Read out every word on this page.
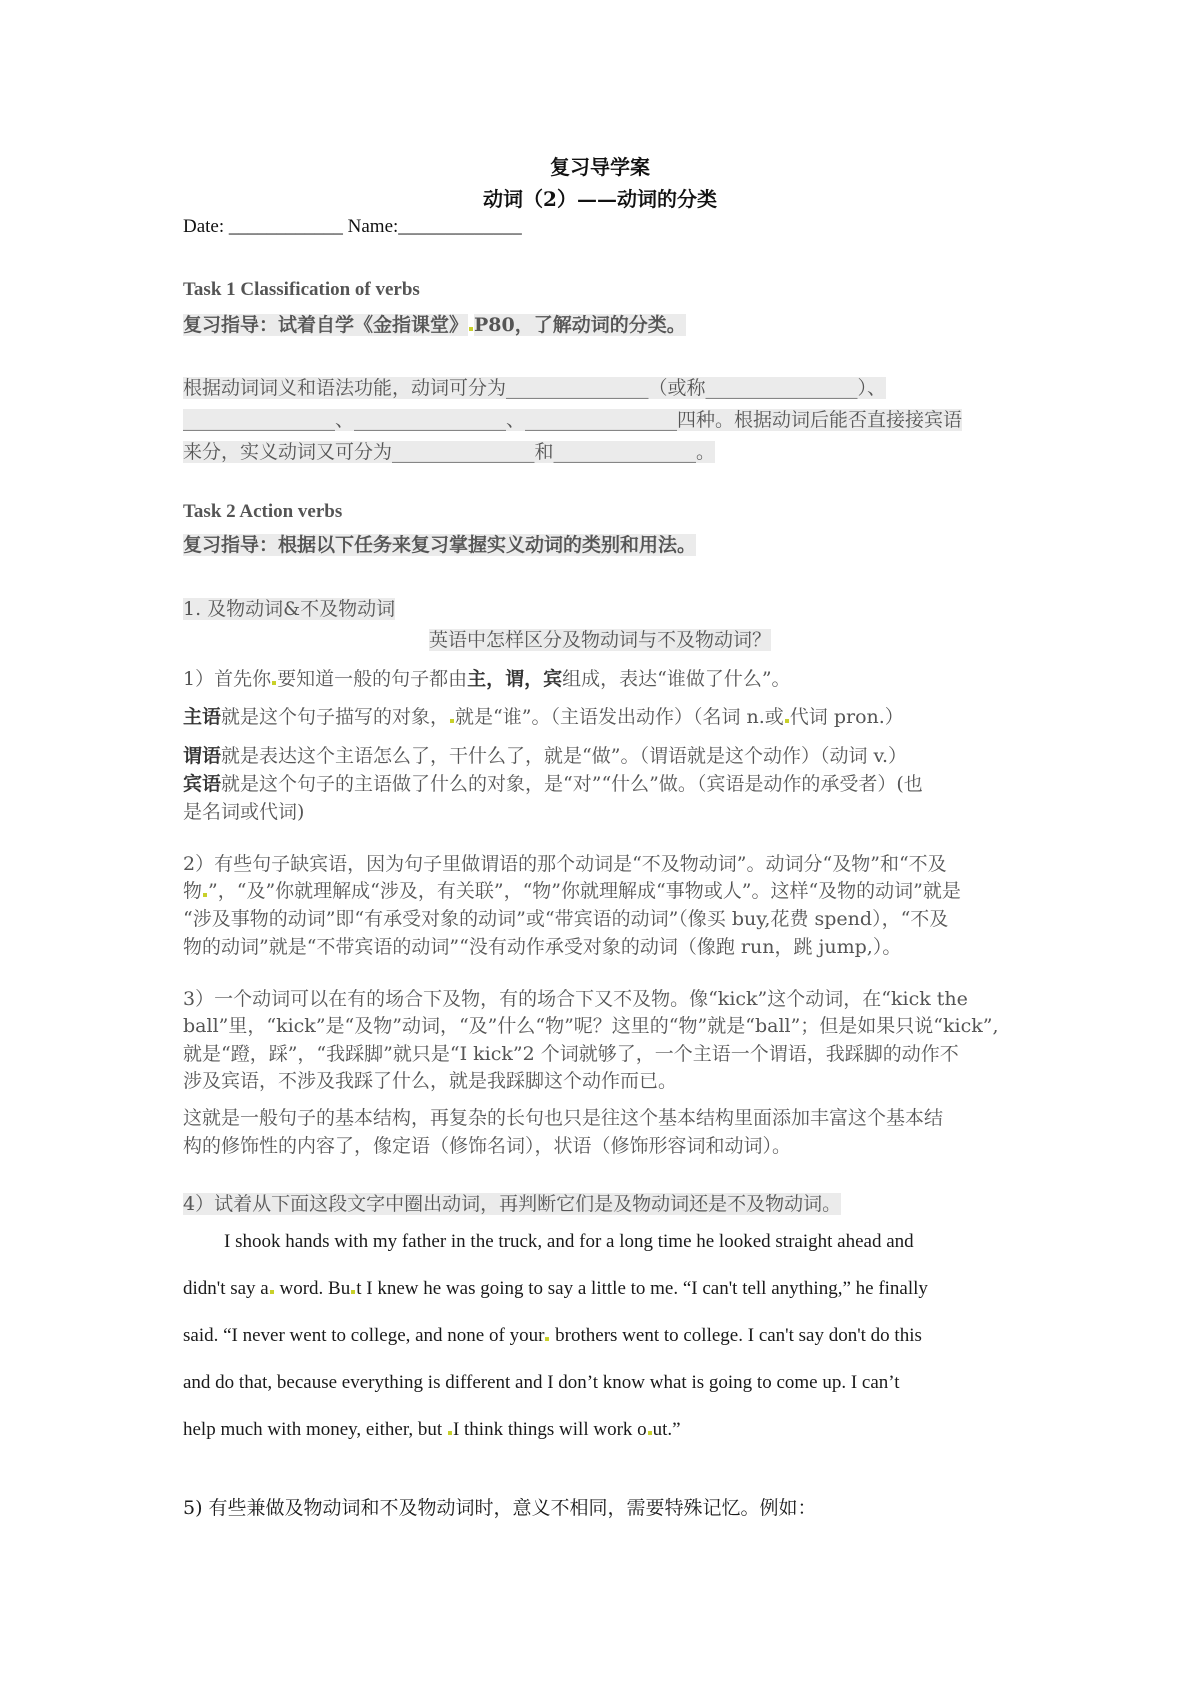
复习导学案
动词（2）——动词的分类
Date: ____________ Name:_____________
Task 1 Classification of verbs
复习指导：试着自学《金指课堂》 P80，了解动词的分类。
根据动词词义和语法功能，动词可分为_______________（或称________________）、
________________、________________、________________四种。根据动词后能否直接接宾语
来分，实义动词又可分为_______________和_______________。
Task 2 Action verbs
复习指导：根据以下任务来复习掌握实义动词的类别和用法。
1. 及物动词&不及物动词
英语中怎样区分及物动词与不及物动词？
1）首先你 要知道一般的句子都由主，谓，宾组成，表达“谁做了什么”。
主语就是这个句子描写的对象， 就是“谁”。（主语发出动作）（名词 n.或 代词 pron.）
谓语就是表达这个主语怎么了，干什么了，就是“做”。（谓语就是这个动作）（动词 v.）
宾语就是这个句子的主语做了什么的对象，是“对”“什么”做。（宾语是动作的承受者）(也
是名词或代词)
2）有些句子缺宾语，因为句子里做谓语的那个动词是“不及物动词”。动词分“及物”和“不及
物 ”，“及”你就理解成“涉及，有关联”，“物”你就理解成“事物或人”。这样“及物的动词”就是
“涉及事物的动词”即“有承受对象的动词”或“带宾语的动词”（像买 buy,花费 spend），“不及
物的动词”就是“不带宾语的动词”“没有动作承受对象的动词（像跑 run，跳 jump,）。
3）一个动词可以在有的场合下及物，有的场合下又不及物。像“kick”这个动词，在“kick the
ball”里，“kick”是“及物”动词，“及”什么“物”呢？这里的“物”就是“ball”；但是如果只说“kick”,
就是“蹬，踩”，“我踩脚”就只是“I kick”2 个词就够了，一个主语一个谓语，我踩脚的动作不
涉及宾语，不涉及我踩了什么，就是我踩脚这个动作而已。
这就是一般句子的基本结构，再复杂的长句也只是往这个基本结构里面添加丰富这个基本结
构的修饰性的内容了，像定语（修饰名词），状语（修饰形容词和动词）。
4）试着从下面这段文字中圈出动词，再判断它们是及物动词还是不及物动词。
I shook hands with my father in the truck, and for a long time he looked straight ahead and
didn't say a word. Bu t I knew he was going to say a little to me. “I can't tell anything,” he finally
said. “I never went to college, and none of your brothers went to college. I can't say don't do this
and do that, because everything is different and I don’t know what is going to come up. I can’t
help much with money, either, but I think things will work o ut.”
5) 有些兼做及物动词和不及物动词时，意义不相同，需要特殊记忆。例如：
